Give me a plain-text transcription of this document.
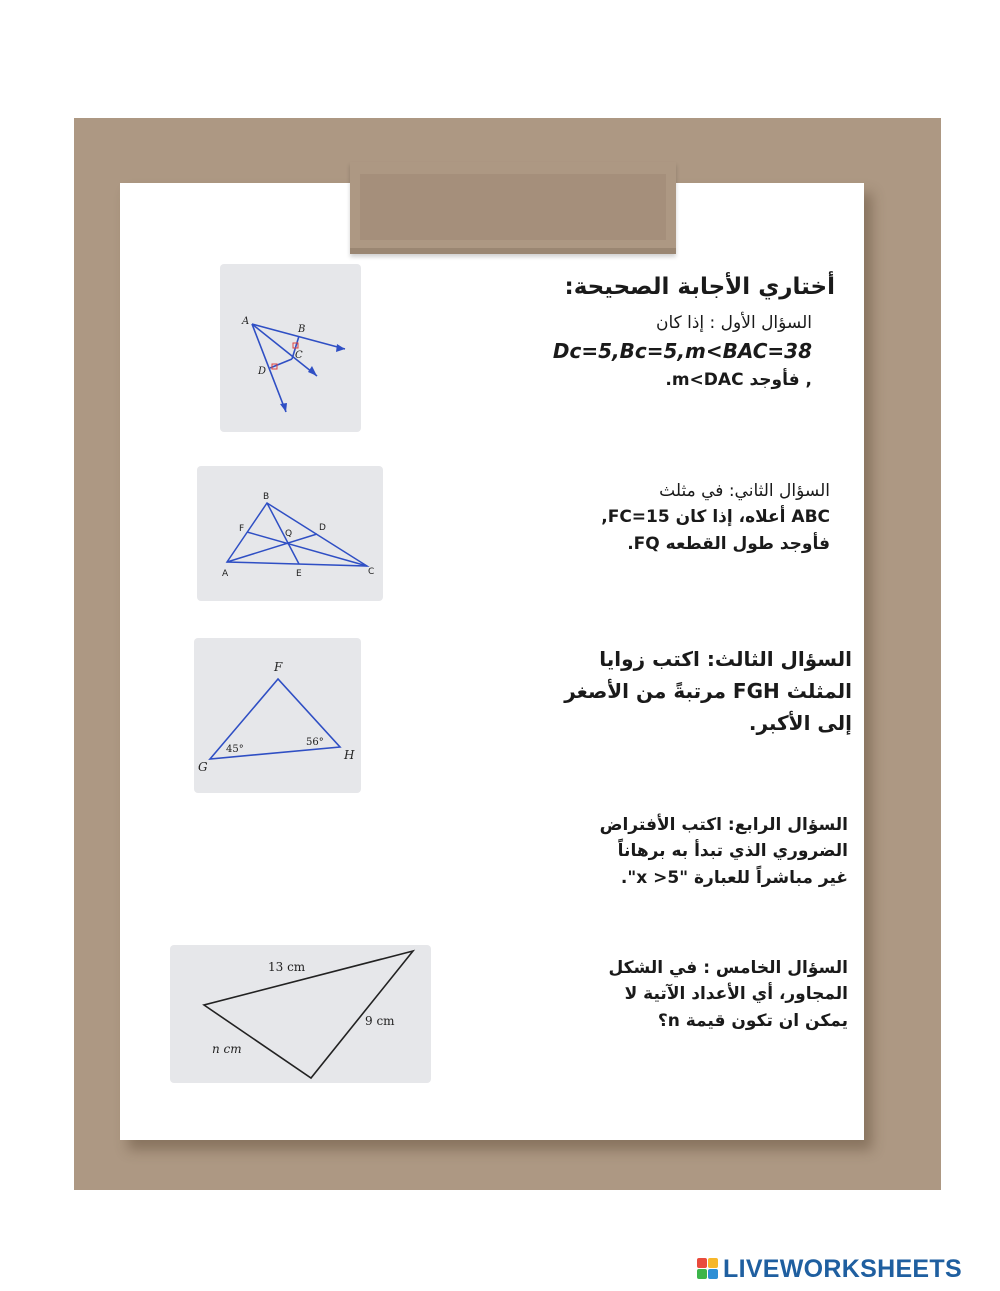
أختاري الأجابة الصحيحة:
السؤال الأول : إذا كان
Dc=5,Bc=5,m<BAC=38
, فأوجد m<DAC.
السؤال الثاني: في مثلث
ABC أعلاه، إذا كان FC=15,
فأوجد طول القطعه FQ.
السؤال الثالث: اكتب زوايا
المثلث FGH مرتبةً من الأصغر
إلى الأكبر.
السؤال الرابع: اكتب الأفتراض
الضروري الذي تبدأ به برهاناً
غير مباشراً للعبارة "x >5".
السؤال الخامس : في الشكل
المجاور، أي الأعداد الآتية لا
يمكن ان تكون قيمة n؟
A
B
C
D
B
F	Q
D
A	E	C
F
G
H
45°
56°
13 cm
9 cm
n cm
LIVEWORKSHEETS
